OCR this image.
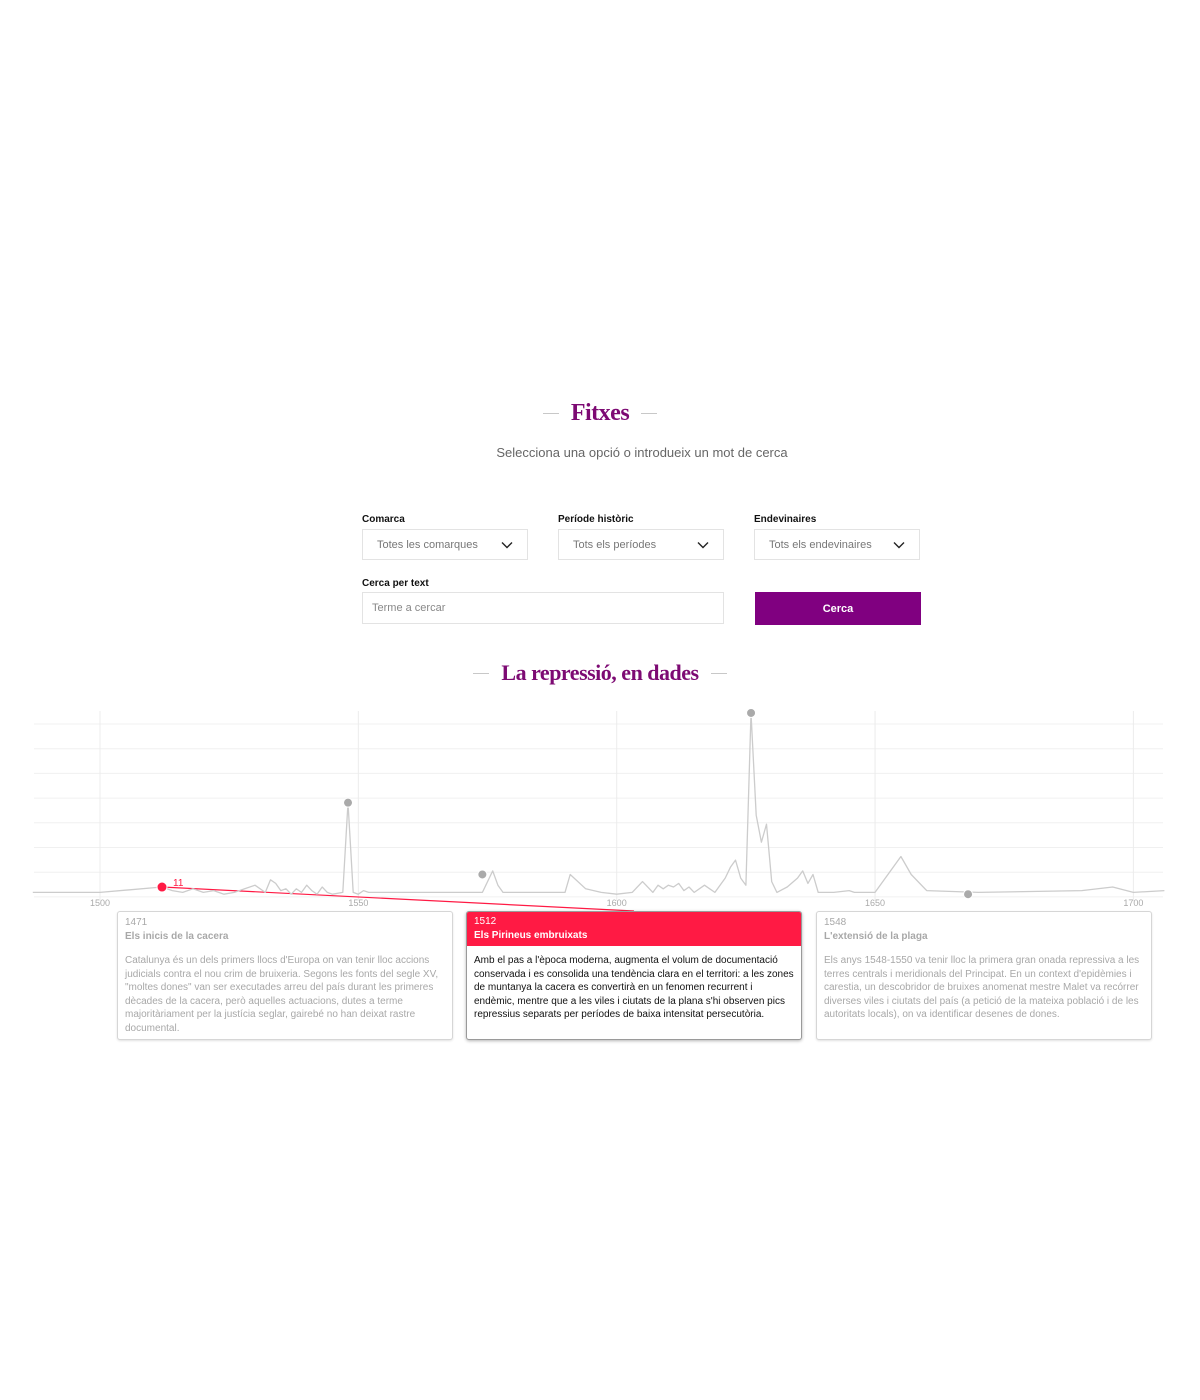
Fitxes
Selecciona una opció o introdueix un mot de cerca
Comarca
Totes les comarques
Període històric
Tots els períodes
Endevinaires
Tots els endevinaires
Cerca per text
Terme a cercar
Cerca
La repressió, en dades
1500	1550	1600	1650	1700
11
1471
Els inicis de la cacera
Catalunya és un dels primers llocs d'Europa on van tenir lloc accions judicials contra el nou crim de bruixeria. Segons les fonts del segle XV, "moltes dones" van ser executades arreu del país durant les primeres dècades de la cacera, però aquelles actuacions, dutes a terme majoritàriament per la justícia seglar, gairebé no han deixat rastre documental.
1512
Els Pirineus embruixats
Amb el pas a l'època moderna, augmenta el volum de documentació conservada i es consolida una tendència clara en el territori: a les zones de muntanya la cacera es convertirà en un fenomen recurrent i endèmic, mentre que a les viles i ciutats de la plana s'hi observen pics repressius separats per períodes de baixa intensitat persecutòria.
1548
L'extensió de la plaga
Els anys 1548-1550 va tenir lloc la primera gran onada repressiva a les terres centrals i meridionals del Principat. En un context d'epidèmies i carestia, un descobridor de bruixes anomenat mestre Malet va recórrer diverses viles i ciutats del país (a petició de la mateixa població i de les autoritats locals), on va identificar desenes de dones.
